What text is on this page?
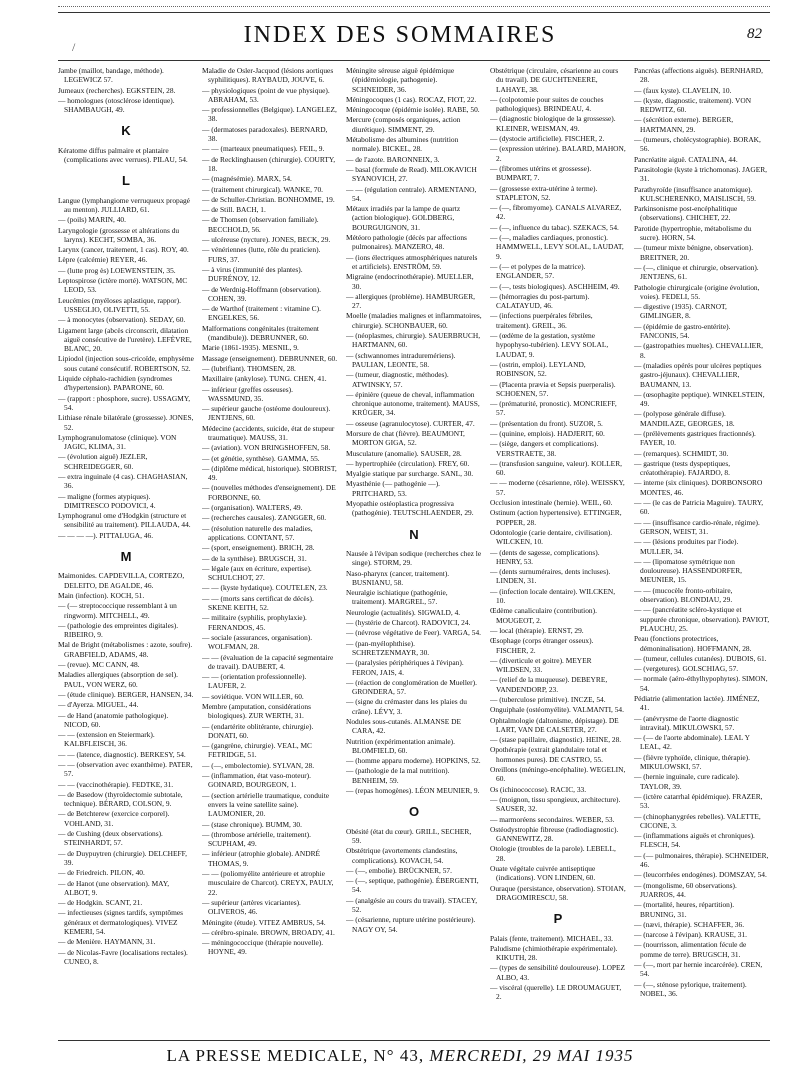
/	INDEX DES SOMMAIRES	82
Jambe (maillot, bandage, méthode). LEGEWICZ 57.
Jumeaux (recherches). EGKSTEIN, 28.
— homologues (otosclérose identique). SHAMBAUGH, 49.
K
Kératome diffus palmaire et plantaire (complications avec verrues). PILAU, 54.
L
Langue (lymphangiome verruqueux propagé au menton). JULLIARD, 61.
— (poils) MARIN, 40.
Laryngologie (grossesse et altérations du larynx). KECHT, SOMBA, 36.
Larynx (cancer, traitement, 1 cas). ROY, 40.
Lèpre (calcémie) REYER, 46.
— (lutte prog ès) LOEWENSTEIN, 35.
Leptospirose (ictère morté). WATSON, MC LEOD, 53.
Leucémies (myéloses aplastique, rappor). USSEGLIO, OLIVETTI, 55.
— à monocytes (observation). SEDAY, 60.
Ligament large (abcès circonscrit, dilatation aiguë consécutive de l'uretère). LEFÈVRE, BLANC, 20.
Lipiodol (injection sous-cricoïde, emphysème sous cutané consécutif. ROBERTSON, 52.
Liquide céphalo-rachidien (syndromes d'hypertension). PAPARONE, 60.
— (rapport : phosphore, sucre). USSAGMY, 54.
Lithiase rénale bilatérale (grossesse). JONES, 52.
Lymphogranulomatose (clinique). VON JAGIC, KLIMA, 31.
— (évolution aiguë) JEZLER, SCHREIDEGGER, 60.
— extra inguinale (4 cas). CHAGHASIAN, 36.
— maligne (formes atypiques). DIMITRESCO PODOVICI, 4.
Lymphogranul ome d'Hodgkin (structure et sensibilité au traitement). PILLAUDA, 44.
— — — —). PITTALUGA, 46.
M
Maimonides. CAPDEVILLA, CORTEZO, DELEITO, DE AGALDE, 46.
Main (infection). KOCH, 51.
— (— streptococcique ressemblant à un ringworm). MITCHELL, 49.
— (pathologie des empreintes digitales). RIBEIRO, 9.
Mal de Bright (métabolismes : azote, soufre). GRABFIELD, ADAMS, 48.
— (revue). MC CANN, 48.
Maladies allergiques (absorption de sel). PAUL, VON WERZ, 60.
— (étude clinique). BERGER, HANSEN, 34.
— d'Ayerza. MIGUEL, 44.
— de Hand (anatomie pathologique). NICOD, 60.
— — (extension en Steiermark). KALBFLEISCH, 36.
— — (latence, diagnostic). BERKESY, 54.
— — (observation avec exanthème). PATER, 57.
— — (vaccinothérapie). FEDTKE, 31.
— de Basedow (thyroïdectomie subtotale, technique). BÉRARD, COLSON, 9.
— de Betchterew (exercice corporel). VOHLAND, 31.
— de Cushing (deux observations). STEINHARDT, 57.
— de Duypuytren (chirurgie). DELCHEFF, 39.
— de Friedreich. PILON, 40.
— de Hanot (une observation). MAY, ALBOT, 9.
— de Hodgkin. SCANT, 21.
— infectieuses (signes tardifs, symptômes généraux et dermatologiques). VIVEZ KEMERI, 54.
— de Menière. HAYMANN, 31.
— de Nicolas-Favre (localisations rectales). CUNEO, 8.
Maladie de Osler-Jacquod (lésions aortiques syphilitiques). RAYBAUD, JOUVE, 6.
— physiologiques (point de vue physique). ABRAHAM, 53.
— professionnelles (Belgique). LANGELEZ, 38.
— (dermatoses paradoxales). BERNARD, 38.
— — (marteaux pneumatiques). FEIL, 9.
— de Recklinghausen (chirurgie). COURTY, 18.
— (magnésémie). MARX, 54.
— (traitement chirurgical). WANKE, 70.
— de Schuller-Christian. BONHOMME, 19.
— de Still. BACH, 1.
— de Thomsen (observation familiale). BECCHOLD, 56.
— ulcéreuse (nycture). JONES, BECK, 29.
— vénériennes (lutte, rôle du praticien). FURS, 37.
— à virus (immunité des plantes). DUFRÉNOY, 12.
— de Werdnig-Hoffmann (observation). COHEN, 39.
— de Warthof (traitement : vitamine C). ENGELKES, 56.
Malformations congénitales (traitement (mandibule)). DEBRUNNER, 60.
Marie (1861-1935). MESNIL, 9.
Massage (enseignement). DEBRUNNER, 60.
— (lubrifiant). THOMSEN, 28.
Maxillaire (ankylose). TUNG. CHEN, 41.
— inférieur (greffes osseuses). WASSMUND, 35.
— supérieur gauche (ostéome douloureux). JENTJENS, 60.
Médecine (accidents, suicide, état de stupeur traumatique). MAUSS, 31.
— (aviation). VON BRINGSHOFFEN, 58.
— (et génétie, synthèse). GAMMA, 55.
— (diplôme médical, historique). SIOBRIST, 49.
— (nouvelles méthodes d'enseignement). DE FORBONNE, 60.
— (organisation). WALTERS, 49.
— (recherches causales). ZANGGER, 60.
— (résolution naturelle des maladies, applications. CONTANT, 57.
— (sport, enseignement). BRICH, 28.
— de la synthèse). BRUGSCH, 31.
— légale (aux en écriture, expertise). SCHULCHOT, 27.
— — (kyste hydatique). COUTELEN, 23.
— — (morts sans certificat de décès). SKENE KEITH, 52.
— militaire (syphilis, prophylaxie). FERNANDOS, 45.
— sociale (assurances, organisation). WOLFMAN, 28.
— — (évaluation de la capacité segmentaire de travail). DAUBERT, 4.
— — (orientation professionnelle). LAUFER, 2.
— soviétique. VON WILLER, 60.
Membre (amputation, considérations biologiques). ZUR WERTH, 31.
— (endartérite oblitérante, chirurgie). DONATI, 60.
— (gangrène, chirurgie). VEAL, MC FETRIDGE, 51.
— (—, embolectomie). SYLVAN, 28.
— (inflammation, état vaso-moteur). GOINARD, BOURGEON, 1.
— (section artérielle traumatique, conduite envers la veine satellite saine). LAUMONIER, 20.
— (stase chronique). BUMM, 30.
— (thrombose artérielle, traitement). SCUPHAM, 49.
— inférieur (atrophie globale). ANDRÉ THOMAS, 9.
— — (poliomyélite antérieure et atrophie musculaire de Charcot). CREYX, PAULY, 22.
— supérieur (artères vicariantes). OLIVEROS, 46.
Méningite (étude). VITEZ AMBRUS, 54.
— cérébro-spinale. BROWN, BROADY, 41.
— méningococcique (thérapie nouvelle). HOYNE, 49.
Méningite séreuse aiguë épidémique (épidémiologie, pathogenie). SCHNEIDER, 36.
Méningocoques (1 cas). ROCAZ, FIOT, 22.
Méningocoque (épidémie isolée). RABE, 50.
Mercure (composés organiques, action diurétique). SIMMENT, 29.
Métabolisme des albumines (nutrition normale). BICKEL, 28.
— de l'azote. BARONNEIX, 3.
— basal (formule de Read). MILOKAVICH SYANOVICH, 27.
— — (régulation centrale). ARMENTANO, 54.
Métaux irradiés par la lampe de quartz (action biologique). GOLDBERG, BOURGUIGNON, 31.
Météoro pathologie (décès par affections pulmonaires). MANZERO, 48.
— (ions électriques atmosphériques naturels et artificiels). ENSTRÖM, 59.
Migraine (endocrinothérapie). MUELLER, 30.
— allergiques (problème). HAMBURGER, 27.
Moelle (maladies malignes et inflammatoires, chirurgie). SCHONBAUER, 60.
— (néoplasmes, chirurgie). SAUERBRUCH, HARTMANN, 60.
— (schwannomes intraduremériens). PAULIAN, LEONTE, 58.
— (tumeur, diagnostic, méthodes). ATWINSKY, 57.
— épinière (queue de cheval, inflammation chronique autonome, traitement). MAUSS, KRÜGER, 34.
— osseuse (agranulocytose). CURTER, 47.
Morsure de chat (fièvre). BEAUMONT, MORTON GIGA, 52.
Musculature (anomalie). SAUSER, 28.
— hypertrophiée (circulation). FREY, 60.
Myalgie statique par surcharge. SANL, 30.
Myasthénie (— pathogénie —). PRITCHARD, 53.
Myopathie ostéoplastica progressiva (pathogénie). TEUTSCHLAENDER, 29.
N
Nausée à l'évipan sodique (recherches chez le singe). STORM, 29.
Naso-pharynx (cancer, traitement). BUSNIANU, 58.
Neuralgie ischiatique (pathogénie, traitement). MARGREL, 57.
Neurologie (actualités). SIGWALD, 4.
— (hystérie de Charcot). RADOVICI, 24.
— (névrose végétative de Feer). VARGA, 54.
— (pan-myélophthise). SCHRETZENMAYR, 30.
— (paralysies périphériques à l'évipan). FERON, JAIS, 4.
— (réaction de conglomération de Mueller). GRONDERA, 57.
— (signe du crémaster dans les plaies du crâne). LÉVY, 3.
Nodules sous-cutanés. ALMANSE DE CARA, 42.
Nutrition (expérimentation animale). BLOMFIELD, 60.
— (homme apparu moderne). HOPKINS, 52.
— (pathologie de la mal nutrition). BENHEIM, 59.
— (repas homogènes). LÉON MEUNIER, 9.
O
Obésité (état du cœur). GRILL, SECHER, 59.
Obstétrique (avortements clandestins, complications). KOVACH, 54.
— (—, embolie). BRÜCKNER, 57.
— (—, septique, pathogénie). ÉBERGENTI, 54.
— (analgésie au cours du travail). STACEY, 52.
— (césarienne, rupture utérine postérieure). NAGY OY, 54.
Obstétrique (circulaire, césarienne au cours du travail). DE GUCHTENEERE, LAHAYE, 38.
— (colpotomie pour suites de couches pathologiques). BRINDEAU, 4.
— (diagnostic biologique de la grossesse). KLEINER, WEISMAN, 49.
— (dystocie artificielle). FISCHER, 2.
— (expression utérine). BALARD, MAHON, 2.
— (fibromes utérins et grossesse). BUMPART, 7.
— (grossesse extra-utérine à terme). STAPLETON, 52.
— (—, fibromyome). CANALS ALVAREZ, 42.
— (—, influence du tabac). SZEKACS, 54.
— (—, maladies cardiaques, pronostic). HAMMWELL, LEVY SOLAL, LAUDAT, 9.
— (— et polypes de la matrice). ENGLANDER, 57.
— (—, tests biologiques). ASCHHEIM, 49.
— (hémorragies du post-partum). CALATAYUD, 46.
— (infections puerpérales fébriles, traitement). GREIL, 36.
— (œdème de la gestation, système hypophyso-tubérien). LEVY SOLAL, LAUDAT, 9.
— (ostrin, emploi). LEYLAND, ROBINSON, 52.
— (Placenta prævia et Sepsis puerperalis). SCHOENEN, 57.
— (prématurité, pronostic). MONCRIEFF, 57.
— (présentation du front). SUZOR, 5.
— (quinine, emplois). HADJERIT, 60.
— (siège, dangers et complications). VERSTRAETE, 38.
— (transfusion sanguine, valeur). KOLLER, 60.
— — moderne (césarienne, rôle). WEISSKY, 57.
Occlusion intestinale (hernie). WEIL, 60.
Ostinum (action hypertensive). ETTINGER, POPPER, 28.
Odontologie (carie dentaire, civilisation). WILCKEN, 10.
— (dents de sagesse, complications). HENRY, 53.
— (dents surnuméraires, dents incluses). LINDEN, 31.
— (infection locale dentaire). WILCKEN, 10.
Œdème canaliculaire (contribution). MOUGEOT, 2.
— local (thérapie). ERNST, 29.
Œsophage (corps étranger osseux). FISCHER, 2.
— (diverticule et goitre). MEYER WILDSEN, 33.
— (relief de la muqueuse). DEBEYRE, VANDENDORP, 23.
— (tuberculose primitive). INCZE, 54.
Onguiphale (ostéomyélite). VALMANTI, 54.
Ophtalmologie (daltonisme, dépistage). DE LART, VAN DE CALSETER, 27.
— (stase papillaire, diagnostic). HEINE, 28.
Opothérapie (extrait glandulaire total et hormones pures). DE CASTRO, 55.
Oreillons (méningo-encéphalite). WEGELIN, 60.
Os (ichinococcose). RACIC, 33.
— (moignon, tissu spongieux, architecture). SAUSER, 32.
— marmoréens secondaires. WEBER, 53.
Ostéodystrophie fibreuse (radiodiagnostic). GANNEWITZ, 28.
Otologie (troubles de la parole). LEBELL, 28.
Ouate végétale cuivrée antiseptique (indications). VON LINDEN, 60.
Ouraque (persistance, observation). STOIAN, DRAGOMIRESCU, 58.
P
Palais (fente, traitement). MICHAEL, 33.
Paludisme (chimiothérapie expérimentale). KIKUTH, 28.
— (types de sensibilité douloureuse). LOPEZ ALBO, 43.
— viscéral (querelle). LE DROUMAGUET, 2.
Pancréas (affections aiguës). BERNHARD, 28.
— (faux kyste). CLAVELIN, 10.
— (kyste, diagnostic, traitement). VON REDWITZ, 60.
— (sécrétion externe). BERGER, HARTMANN, 29.
— (tumeurs, cholécystographie). BORAK, 56.
Pancréatite aiguë. CATALINA, 44.
Parasitologie (kyste à trichomonas). JAGER, 31.
Parathyroïde (insuffisance anatomique). KULSCHERENKO, MAISLISCH, 59.
Parkinsonisme post-encéphalitique (observations). CHICHET, 22.
Parotide (hypertrophie, métabolisme du sucre). HORN, 54.
— (tumeur mixte bénigne, observation). BREITNER, 20.
— (—, clinique et chirurgie, observation). JENTJENS, 61.
Pathologie chirurgicale (origine évolution, voies). FEDELI, 55.
— digestive (1935). CARNOT, GIMLINGER, 8.
— (épidémie de gastro-entérite). FANCONIS, 54.
— (gastropathies mueltes). CHEVALLIER, 8.
— (maladies opérés pour ulcères peptiques gastro-jéjunaux). CHEVALLIER, BAUMANN, 13.
— (œsophagite peptique). WINKELSTEIN, 49.
— (polypose générale diffuse). MANDILAZE, GEORGES, 18.
— (prélèvements gastriques fractionnés). FAYER, 10.
— (remarques). SCHMIDT, 30.
— gastrique (tests dyspeptiques, créatothérapie). FAJARDO, 8.
— interne (six cliniques). DORBONSORO MONTES, 46.
— — (le cas de Patricia Maguire). TAURY, 60.
— — (insuffisance cardio-rénale, régime). GERSON, WEIST, 31.
— — (lésions produites par l'iode). MULLER, 34.
— — (lipomatose symétrique non douloureuse). HASSENDORFER, MEUNIER, 15.
— — (mucocèle fronto-orbitaire, observation). BLONDIAU, 29.
— — (pancréatite scléro-kystique et suppurée chronique, observation). PAVIOT, PLAUCHU, 25.
Peau (fonctions protectrices, démoninalisation). HOFFMANN, 28.
— (tumeur, cellules cutanées). DUBOIS, 61.
— (vergetures). GOLSCHIAG, 57.
— normale (aéro-éthylhypophytes). SIMON, 54.
Pédiatrie (alimentation lactée). JIMÉNEZ, 41.
— (anévrysme de l'aorte diagnostic intravital). MIKULOWSKI, 57.
— (— de l'aorte abdominale). LEAL Y LEAL, 42.
— (fièvre typhoïde, clinique, thérapie). MIKULOWSKI, 57.
— (hernie inguinale, cure radicale). TAYLOR, 39.
— (ictère catarrhal épidémique). FRAZER, 53.
— (chinophanygrées rebelles). VALETTE, CICONE, 3.
— (inflammations aiguës et chroniques). FLESCH, 54.
— (— pulmonaires, thérapie). SCHNEIDER, 46.
— (leucorrhées endogènes). DOMSZAY, 54.
— (mongolisme, 60 observations). JUARROS, 44.
— (mortalité, heures, répartition). BRUNING, 31.
— (nævi, thérapie). SCHAFFER, 36.
— (narcose à l'évipan). KRAUSE, 31.
— (nourrisson, alimentation fécule de pomme de terre). BRUGSCH, 31.
— (—, mort par hernie incarcérée). CREN, 54.
— (—, sténose pylorique, traitement). NOBEL, 36.
LA PRESSE MEDICALE, N° 43, MERCREDI, 29 MAI 1935
